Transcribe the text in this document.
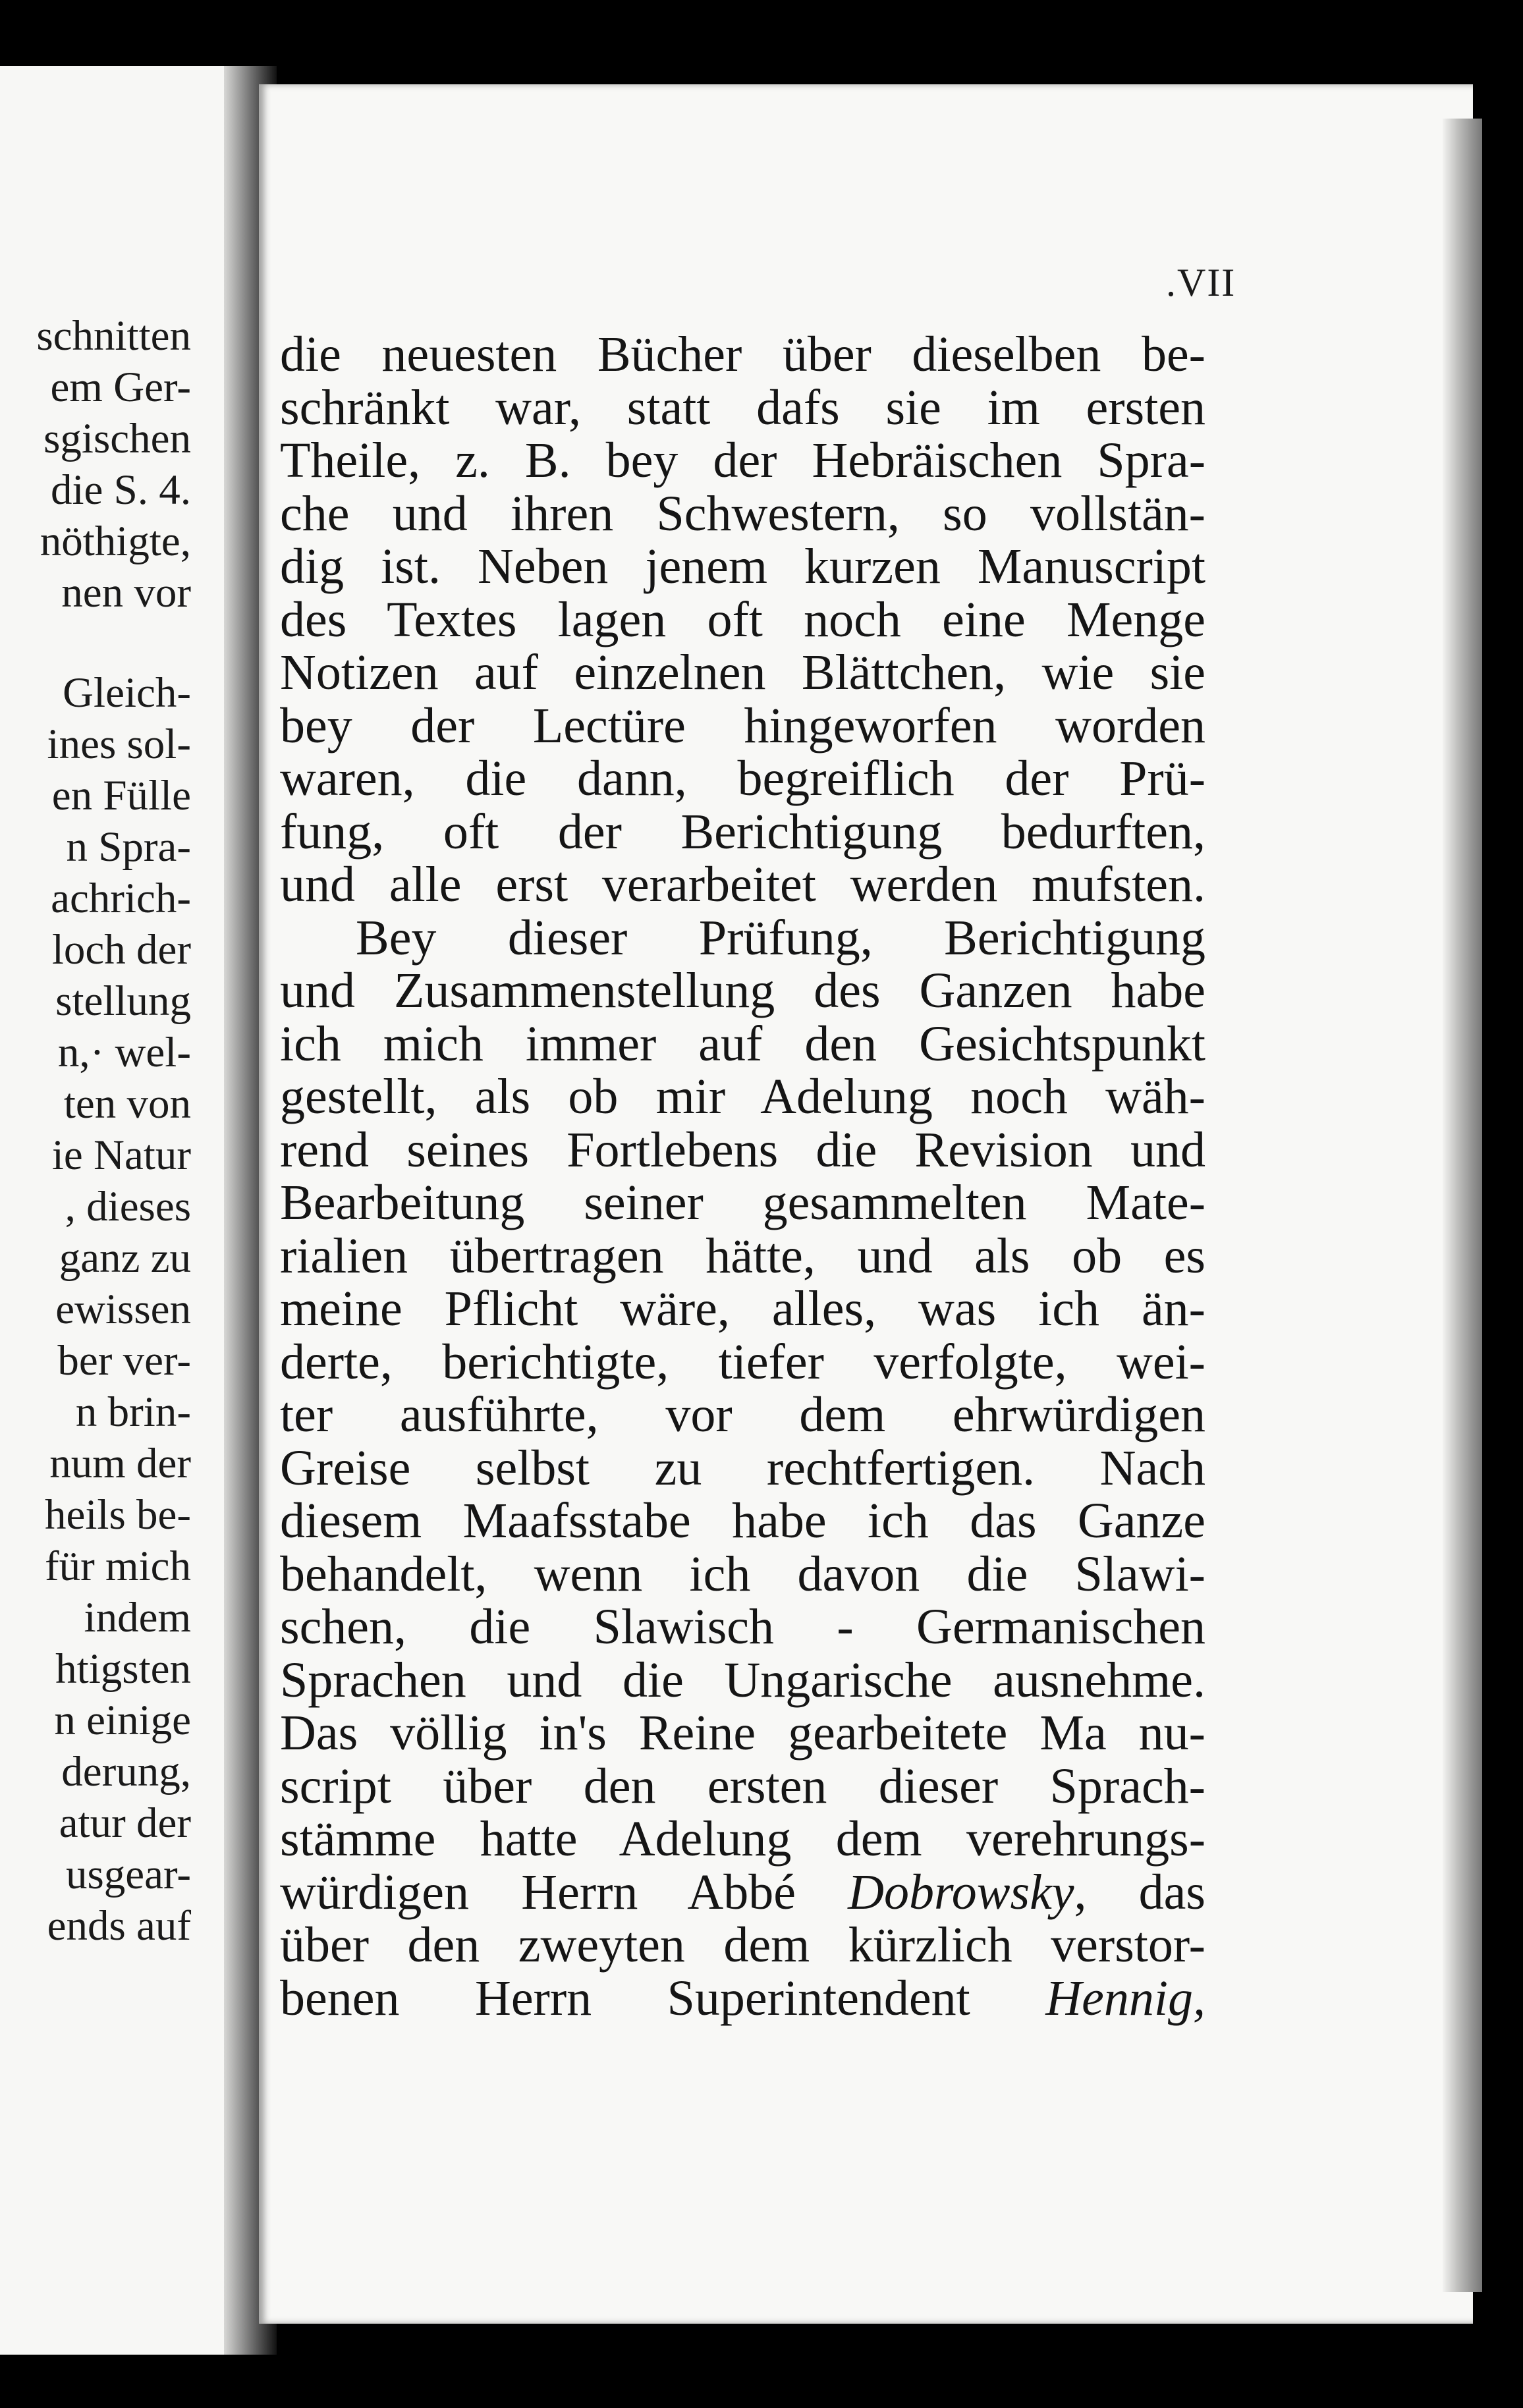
.VII
schnitten
em Ger-
sgischen
die S. 4.
nöthigte,
nen vor
Gleich-
ines sol-
en Fülle
n Spra-
achrich-
loch der
stellung
n,· wel-
ten von
ie Natur
, dieses
ganz zu
ewissen
ber ver-
n brin-
num der
heils be-
für mich
indem
htigsten
n einige
derung,
atur der
usgear-
ends auf
die neuesten Bücher über dieselben be-
schränkt war, statt dafs sie im ersten
Theile, z. B. bey der Hebräischen Spra-
che und ihren Schwestern, so vollstän-
dig ist. Neben jenem kurzen Manuscript
des Textes lagen oft noch eine Menge
Notizen auf einzelnen Blättchen, wie sie
bey der Lectüre hingeworfen worden
waren, die dann, begreiflich der Prü-
fung, oft der Berichtigung bedurften,
und alle erst verarbeitet werden mufsten.
Bey dieser Prüfung, Berichtigung
und Zusammenstellung des Ganzen habe
ich mich immer auf den Gesichtspunkt
gestellt, als ob mir Adelung noch wäh-
rend seines Fortlebens die Revision und
Bearbeitung seiner gesammelten Mate-
rialien übertragen hätte, und als ob es
meine Pflicht wäre, alles, was ich än-
derte, berichtigte, tiefer verfolgte, wei-
ter ausführte, vor dem ehrwürdigen
Greise selbst zu rechtfertigen. Nach
diesem Maafsstabe habe ich das Ganze
behandelt, wenn ich davon die Slawi-
schen, die Slawisch - Germanischen
Sprachen und die Ungarische ausnehme.
Das völlig in's Reine gearbeitete Ma nu-
script über den ersten dieser Sprach-
stämme hatte Adelung dem verehrungs-
würdigen Herrn Abbé Dobrowsky, das
über den zweyten dem kürzlich verstor-
benen Herrn Superintendent Hennig,
